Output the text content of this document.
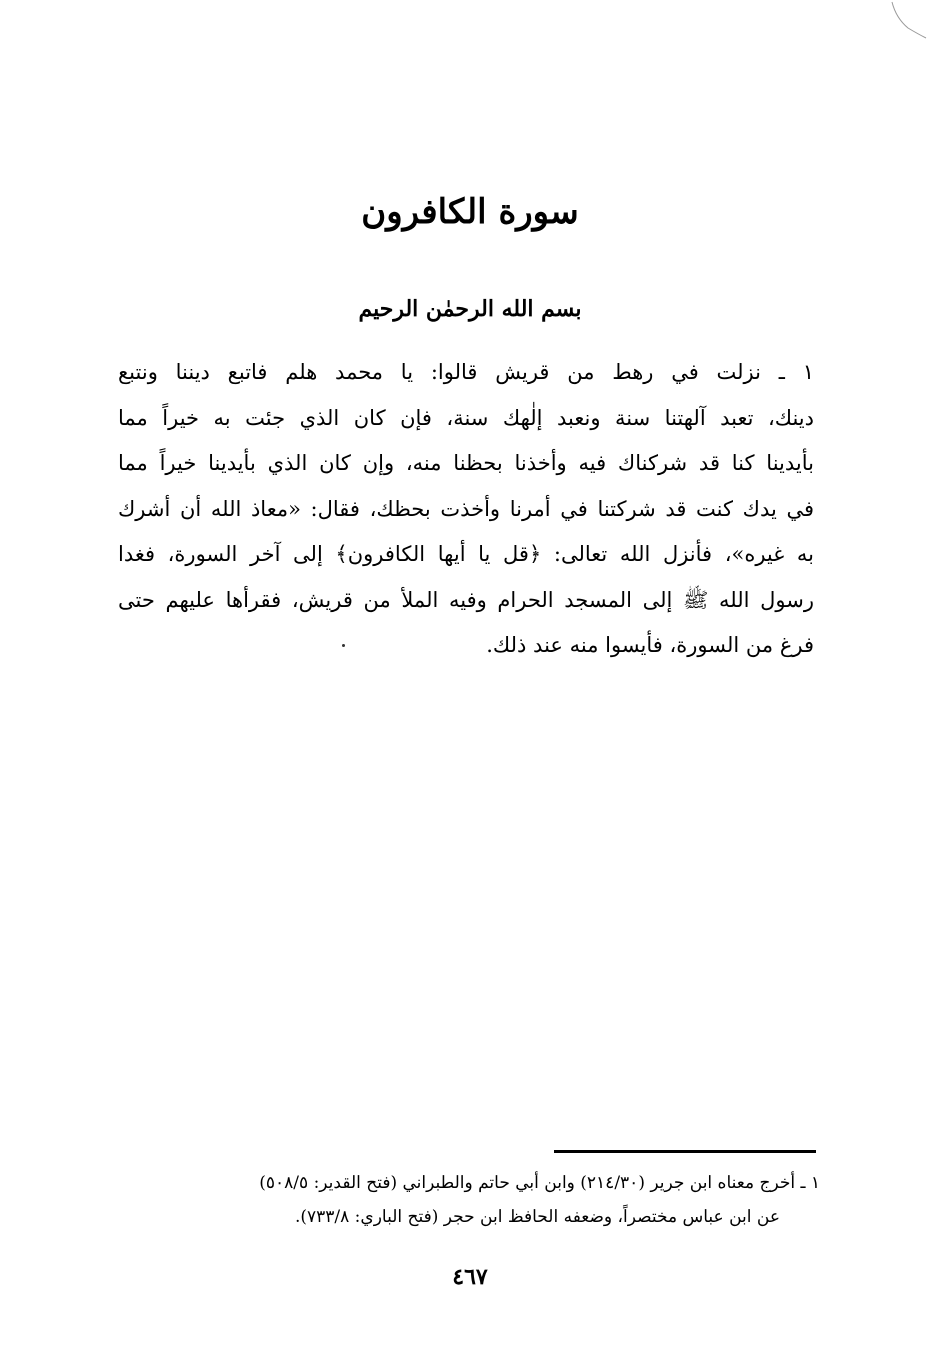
سورة الكافرون
بسم الله الرحمٰن الرحيم
١ ـ نزلت في رهط من قريش قالوا: يا محمد هلم فاتبع ديننا ونتبع
دينك، تعبد آلهتنا سنة ونعبد إلٰهك سنة، فإن كان الذي جئت به خيراً مما
بأيدينا كنا قد شركناك فيه وأخذنا بحظنا منه، وإن كان الذي بأيدينا خيراً مما
في يدك كنت قد شركتنا في أمرنا وأخذت بحظك، فقال: «معاذ الله أن أشرك
به غيره»، فأنزل الله تعالى: ﴿قل يا أيها الكافرون﴾ إلى آخر السورة، فغدا
رسول الله ﷺ إلى المسجد الحرام وفيه الملأ من قريش، فقرأها عليهم حتى
فرغ من السورة، فأيسوا منه عند ذلك.
١ ـ أخرج معناه ابن جرير (٢١٤/٣٠) وابن أبي حاتم والطبراني (فتح القدير: ٥٠٨/٥)
عن ابن عباس مختصراً، وضعفه الحافظ ابن حجر (فتح الباري: ٧٣٣/٨).
٤٦٧
